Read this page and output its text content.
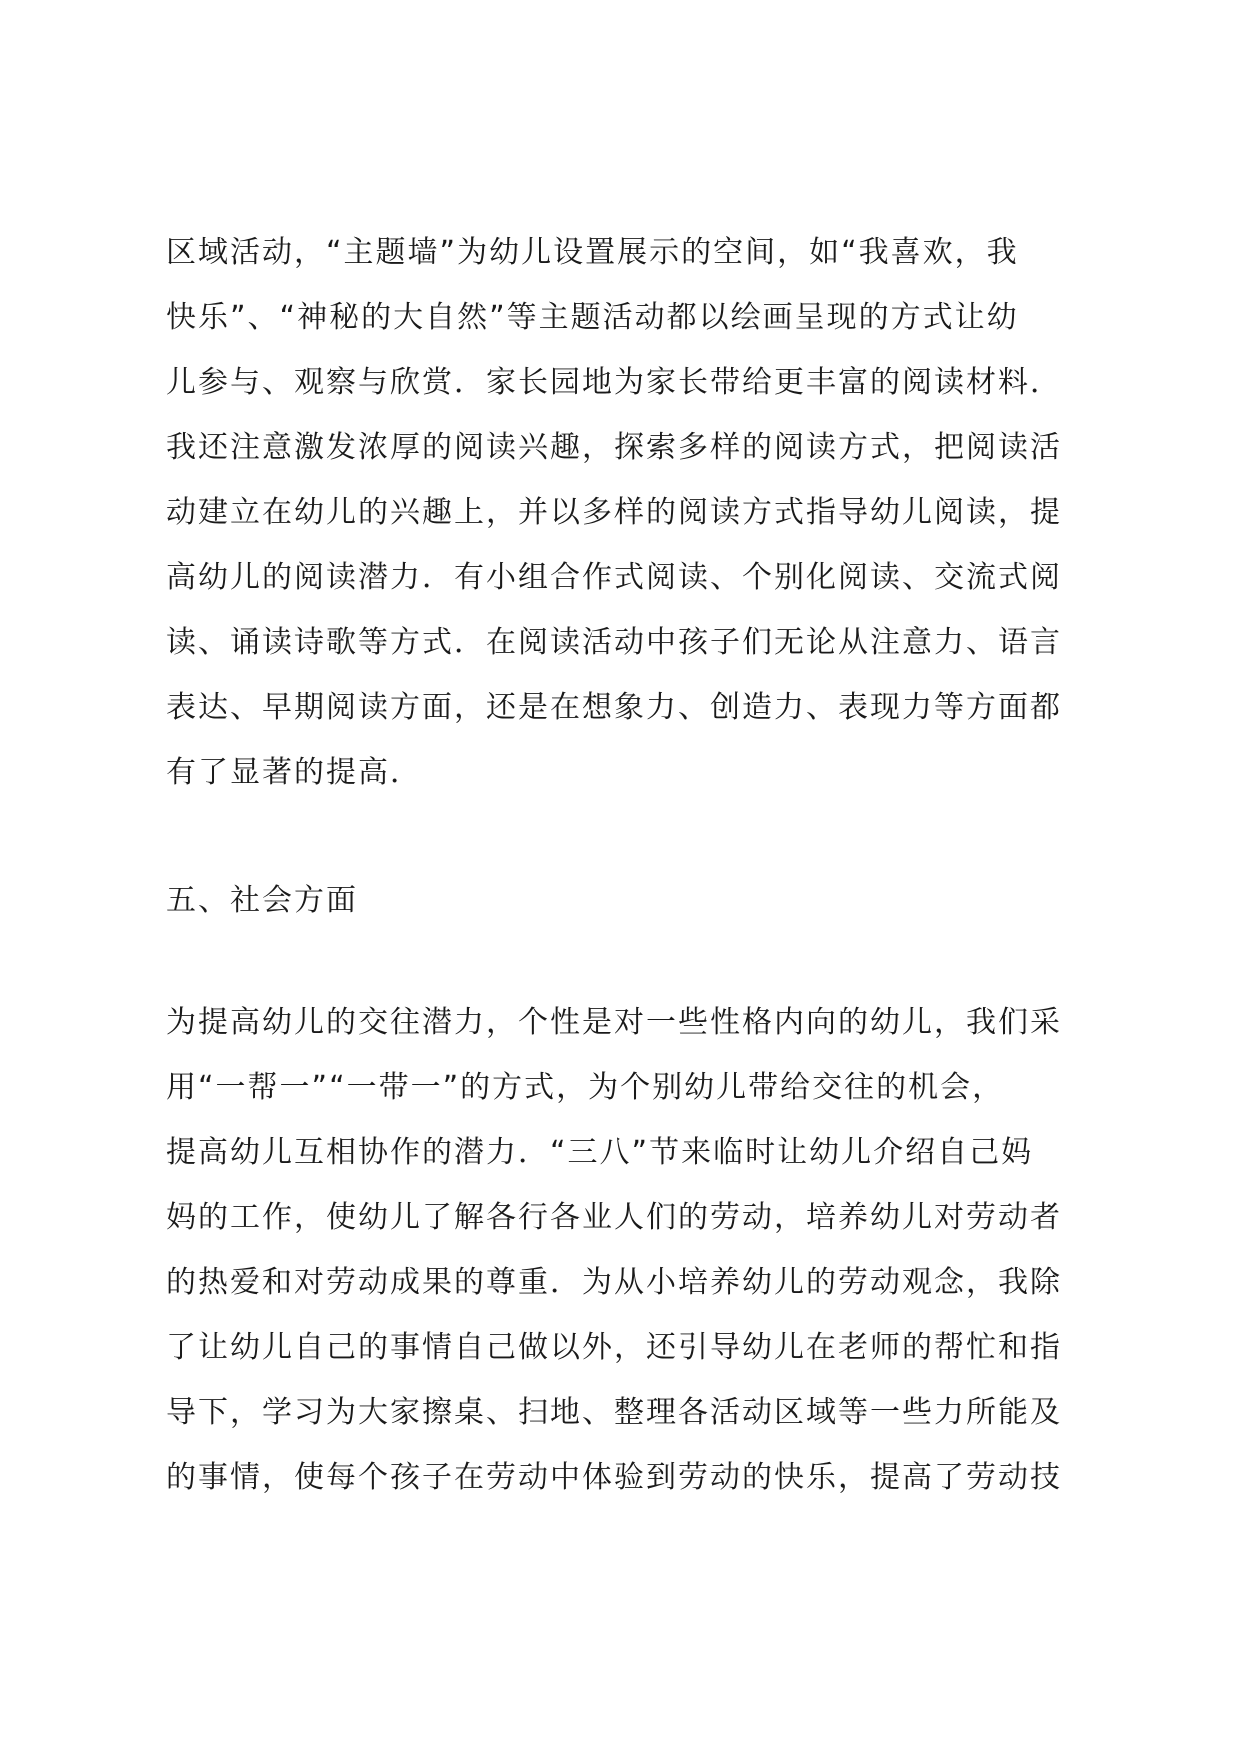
区域活动，“主题墙”为幼儿设置展示的空间，如“我喜欢，我
快乐”、“神秘的大自然”等主题活动都以绘画呈现的方式让幼
儿参与、观察与欣赏．家长园地为家长带给更丰富的阅读材料．
我还注意激发浓厚的阅读兴趣，探索多样的阅读方式，把阅读活
动建立在幼儿的兴趣上，并以多样的阅读方式指导幼儿阅读，提
高幼儿的阅读潜力．有小组合作式阅读、个别化阅读、交流式阅
读、诵读诗歌等方式．在阅读活动中孩子们无论从注意力、语言
表达、早期阅读方面，还是在想象力、创造力、表现力等方面都
有了显著的提高．
五、社会方面
为提高幼儿的交往潜力，个性是对一些性格内向的幼儿，我们采
用“一帮一”“一带一”的方式，为个别幼儿带给交往的机会，
提高幼儿互相协作的潜力．“三八”节来临时让幼儿介绍自己妈
妈的工作，使幼儿了解各行各业人们的劳动，培养幼儿对劳动者
的热爱和对劳动成果的尊重．为从小培养幼儿的劳动观念，我除
了让幼儿自己的事情自己做以外，还引导幼儿在老师的帮忙和指
导下，学习为大家擦桌、扫地、整理各活动区域等一些力所能及
的事情，使每个孩子在劳动中体验到劳动的快乐，提高了劳动技
